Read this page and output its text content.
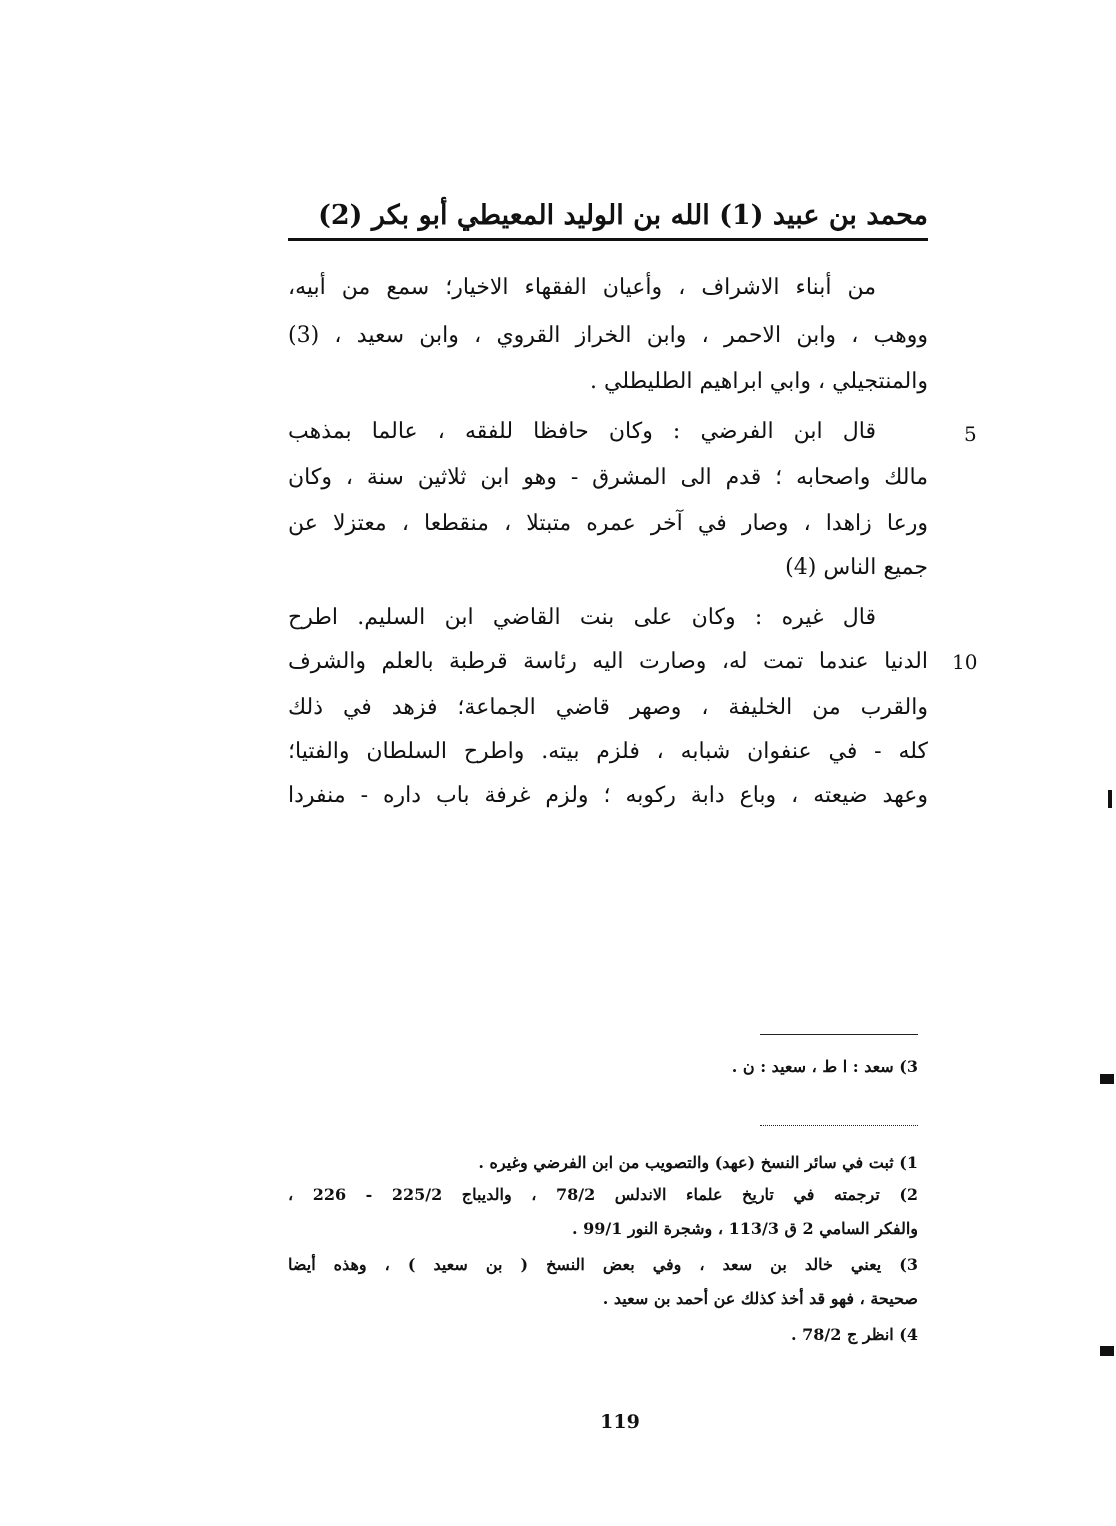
محمد بن عبيد (1) الله بن الوليد المعيطي أبو بكر (2)
من أبناء الاشراف ، وأعيان الفقهاء الاخيار؛ سمع من أبيه،
ووهب ، وابن الاحمر ، وابن الخراز القروي ، وابن سعيد ، (3)
والمنتجيلي ، وابي ابراهيم الطليطلي .
قال ابن الفرضي : وكان حافظا للفقه ، عالما بمذهب	5
مالك واصحابه ؛ قدم الى المشرق - وهو ابن ثلاثين سنة ، وكان
ورعا زاهدا ، وصار في آخر عمره متبتلا ، منقطعا ، معتزلا عن
جميع الناس (4)
قال غيره : وكان على بنت القاضي ابن السليم. اطرح
الدنيا عندما تمت له، وصارت اليه رئاسة قرطبة بالعلم والشرف 10
والقرب من الخليفة ، وصهر قاضي الجماعة؛ فزهد في ذلك
كله - في عنفوان شبابه ، فلزم بيته. واطرح السلطان والفتيا؛
وعهد ضيعته ، وباع دابة ركوبه ؛ ولزم غرفة باب داره - منفردا
3) سعد : ا ط ، سعيد : ن .
1) ثبت في سائر النسخ (عهد) والتصويب من ابن الفرضي وغيره .
2) ترجمته في تاريخ علماء الاندلس 78/2 ، والديباج 225/2 - 226 ،
والفكر السامي 2 ق 113/3 ، وشجرة النور 99/1 .
3) يعني خالد بن سعد ، وفي بعض النسخ ( بن سعيد ) ، وهذه أيضا
صحيحة ، فهو قد أخذ كذلك عن أحمد بن سعيد .
4) انظر ج 78/2 .
119
